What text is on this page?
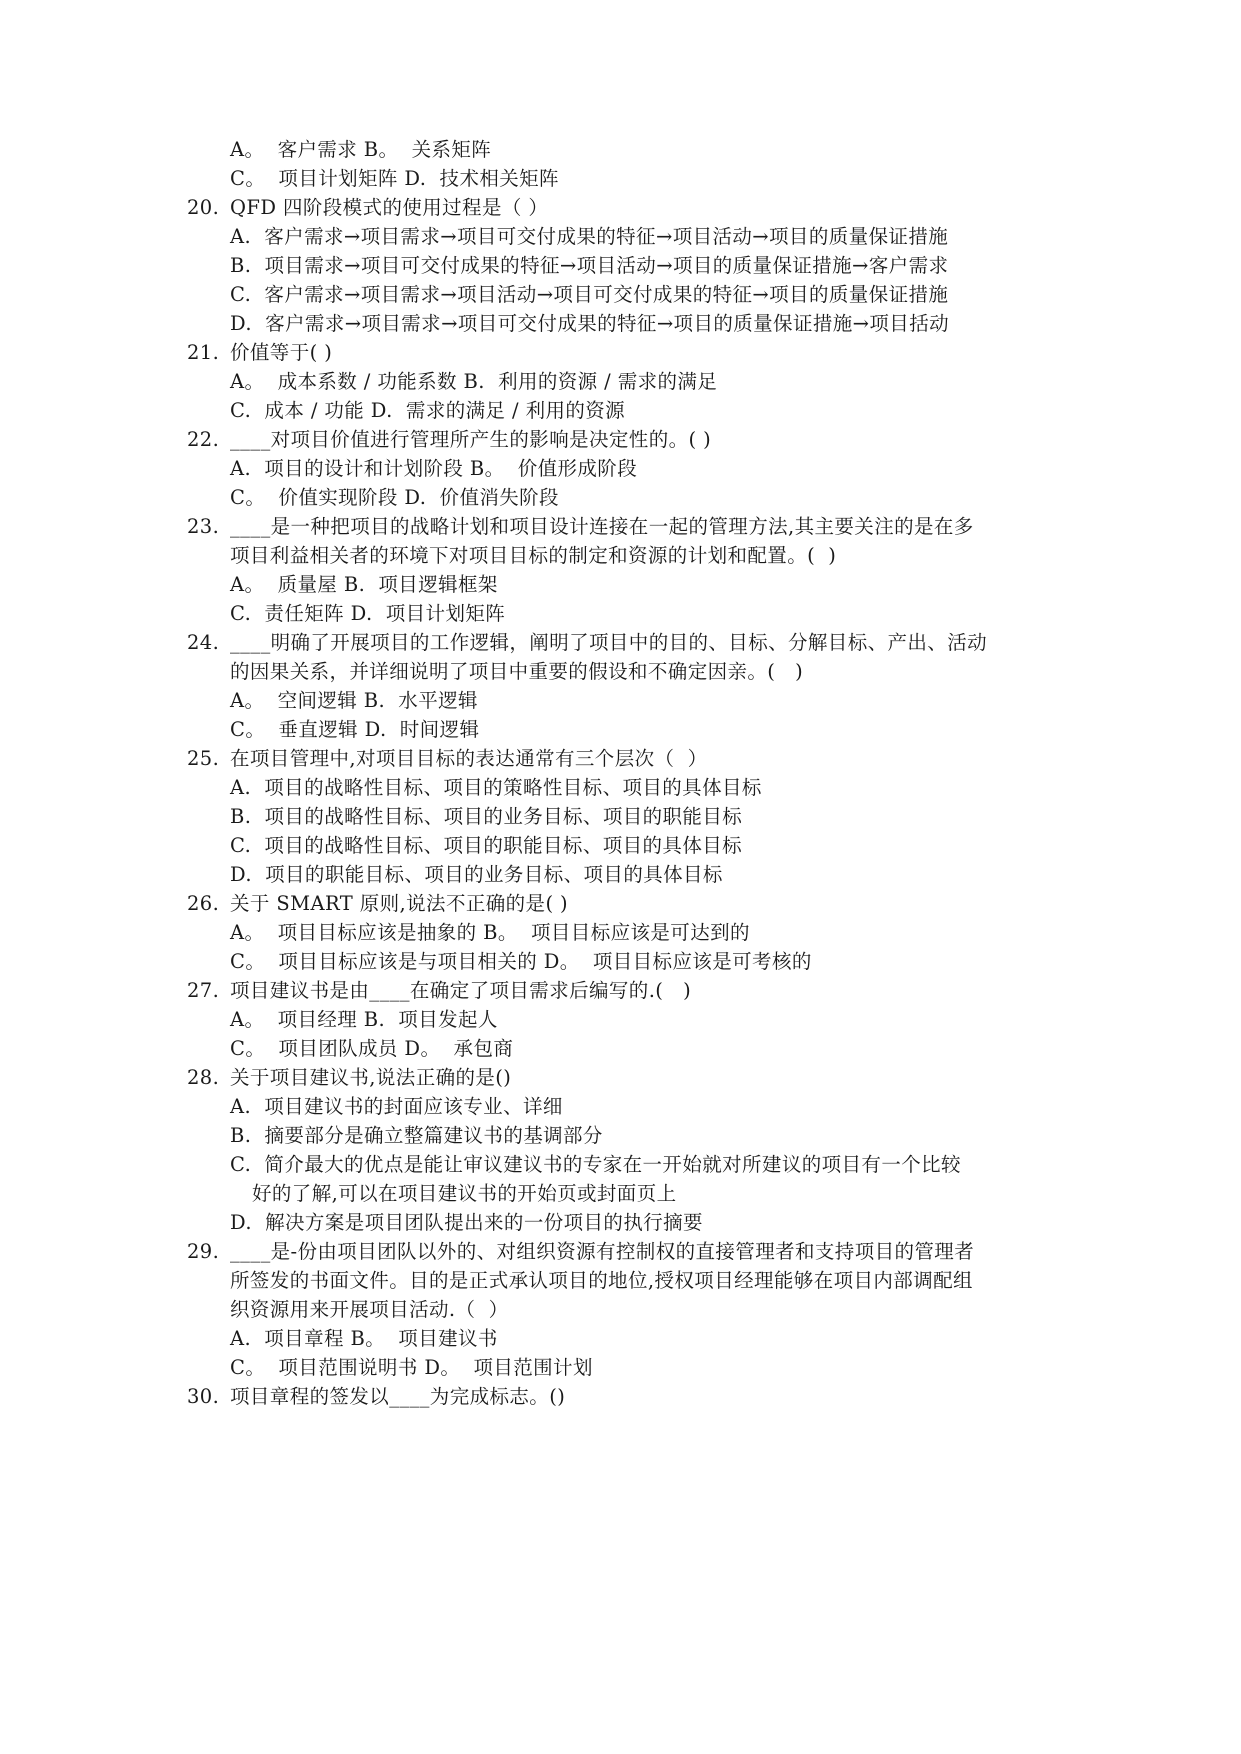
A。  客户需求 B。  关系矩阵
C。  项目计划矩阵 D.  技术相关矩阵
20. QFD 四阶段模式的使用过程是（ ）
A.  客户需求→项目需求→项目可交付成果的特征→项目活动→项目的质量保证措施
B.  项目需求→项目可交付成果的特征→项目活动→项目的质量保证措施→客户需求
C.  客户需求→项目需求→项目活动→项目可交付成果的特征→项目的质量保证措施
D.  客户需求→项目需求→项目可交付成果的特征→项目的质量保证措施→项目括动
21. 价值等于( )
A。  成本系数 / 功能系数 B.  利用的资源 / 需求的满足
C.  成本 / 功能 D.  需求的满足 / 利用的资源
22. ____对项目价值进行管理所产生的影响是决定性的。( )
A.  项目的设计和计划阶段 B。  价值形成阶段
C。  价值实现阶段 D.  价值消失阶段
23. ____是一种把项目的战略计划和项目设计连接在一起的管理方法,其主要关注的是在多
项目利益相关者的环境下对项目目标的制定和资源的计划和配置。(  )
A。  质量屋 B.  项目逻辑框架
C.  责任矩阵 D.  项目计划矩阵
24. ____明确了开展项目的工作逻辑，阐明了项目中的目的、目标、分解目标、产出、活动
的因果关系，并详细说明了项目中重要的假设和不确定因亲。(   )
A。  空间逻辑 B.  水平逻辑
C。  垂直逻辑 D.  时间逻辑
25. 在项目管理中,对项目目标的表达通常有三个层次（  ）
A.  项目的战略性目标、项目的策略性目标、项目的具体目标
B.  项目的战略性目标、项目的业务目标、项目的职能目标
C.  项目的战略性目标、项目的职能目标、项目的具体目标
D.  项目的职能目标、项目的业务目标、项目的具体目标
26. 关于 SMART 原则,说法不正确的是( )
A。  项目目标应该是抽象的 B。  项目目标应该是可达到的
C。  项目目标应该是与项目相关的 D。  项目目标应该是可考核的
27. 项目建议书是由____在确定了项目需求后编写的.(   )
A。  项目经理 B.  项目发起人
C。  项目团队成员 D。  承包商
28. 关于项目建议书,说法正确的是()
A.  项目建议书的封面应该专业、详细
B.  摘要部分是确立整篇建议书的基调部分
C.  简介最大的优点是能让审议建议书的专家在一开始就对所建议的项目有一个比较
好的了解,可以在项目建议书的开始页或封面页上
D.  解决方案是项目团队提出来的一份项目的执行摘要
29. ____是-份由项目团队以外的、对组织资源有控制权的直接管理者和支持项目的管理者
所签发的书面文件。目的是正式承认项目的地位,授权项目经理能够在项目内部调配组
织资源用来开展项目活动.（  ）
A.  项目章程 B。  项目建议书
C。  项目范围说明书 D。  项目范围计划
30. 项目章程的签发以____为完成标志。()
